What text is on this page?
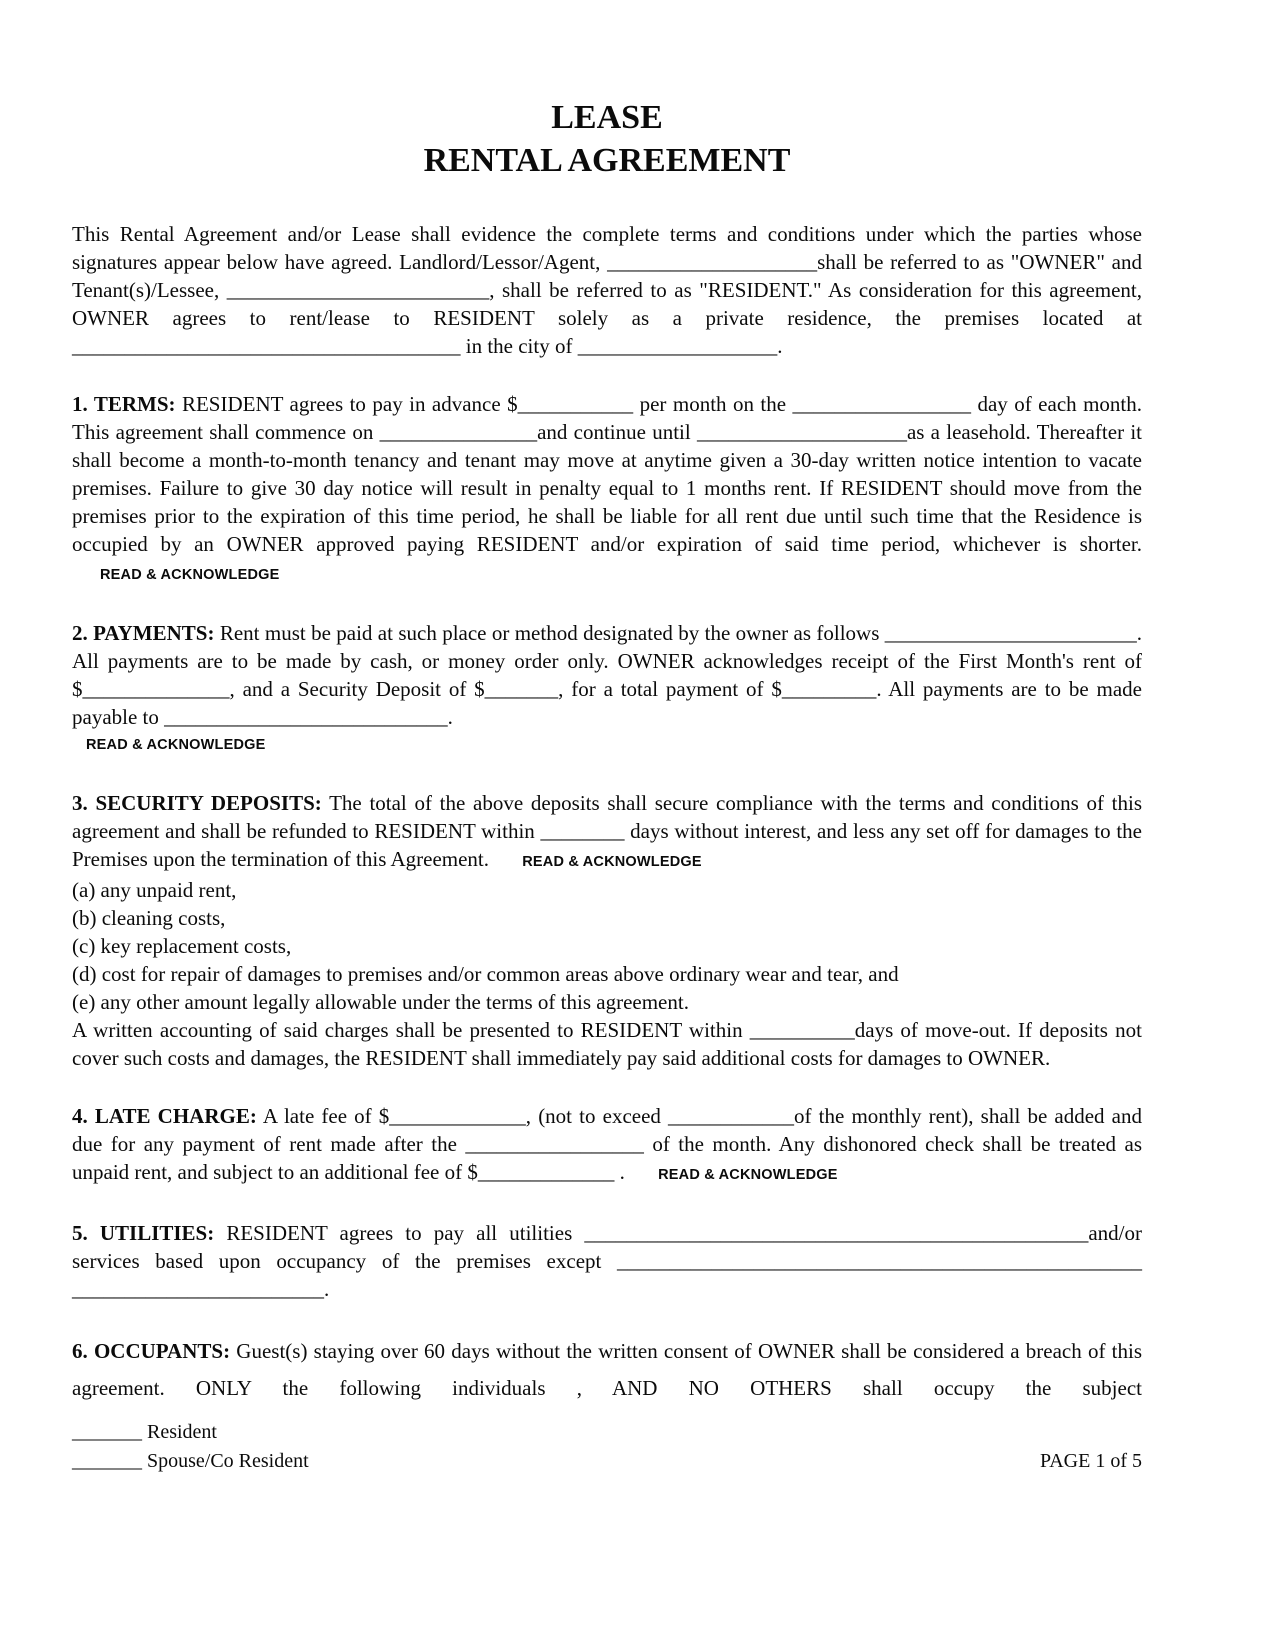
LEASE
RENTAL AGREEMENT

This Rental Agreement and/or Lease shall evidence the complete terms and conditions under which the parties whose signatures appear below have agreed. Landlord/Lessor/Agent, ____________________shall be referred to as "OWNER" and Tenant(s)/Lessee, _________________________, shall be referred to as "RESIDENT." As consideration for this agreement, OWNER agrees to rent/lease to RESIDENT solely as a private residence, the premises located at _____________________________________ in the city of ___________________.

1. TERMS: RESIDENT agrees to pay in advance $___________ per month on the _________________ day of each month. This agreement shall commence on _______________and continue until ____________________as a leasehold. Thereafter it shall become a month-to-month tenancy and tenant may move at anytime given a 30-day written notice intention to vacate premises. Failure to give 30 day notice will result in penalty equal to 1 months rent. If RESIDENT should move from the premises prior to the expiration of this time period, he shall be liable for all rent due until such time that the Residence is occupied by an OWNER approved paying RESIDENT and/or expiration of said time period, whichever is shorter. READ & ACKNOWLEDGE
2. PAYMENTS: Rent must be paid at such place or method designated by the owner as follows ________________________. All payments are to be made by cash, or money order only. OWNER acknowledges receipt of the First Month's rent of $______________, and a Security Deposit of $_______, for a total payment of $_________. All payments are to be made payable to ___________________________.
READ & ACKNOWLEDGE
3. SECURITY DEPOSITS: The total of the above deposits shall secure compliance with the terms and conditions of this agreement and shall be refunded to RESIDENT within ________ days without interest, and less any set off for damages to the Premises upon the termination of this Agreement. READ & ACKNOWLEDGE
(a) any unpaid rent,
(b) cleaning costs,
(c) key replacement costs,
(d) cost for repair of damages to premises and/or common areas above ordinary wear and tear, and
(e) any other amount legally allowable under the terms of this agreement.
A written accounting of said charges shall be presented to RESIDENT within __________days of move-out. If deposits not cover such costs and damages, the RESIDENT shall immediately pay said additional costs for damages to OWNER.
4. LATE CHARGE: A late fee of $_____________, (not to exceed ____________of the monthly rent), shall be added and due for any payment of rent made after the _________________ of the month. Any dishonored check shall be treated as unpaid rent, and subject to an additional fee of $_____________ . READ & ACKNOWLEDGE
5. UTILITIES: RESIDENT agrees to pay all utilities ________________________________________________and/or services based upon occupancy of the premises except __________________________________________________
________________________.
6. OCCUPANTS: Guest(s) staying over 60 days without the written consent of OWNER shall be considered a breach of this agreement. ONLY the following individuals , AND NO OTHERS shall occupy the subject
_______ Resident
_______ Spouse/Co Resident	PAGE 1 of 5
